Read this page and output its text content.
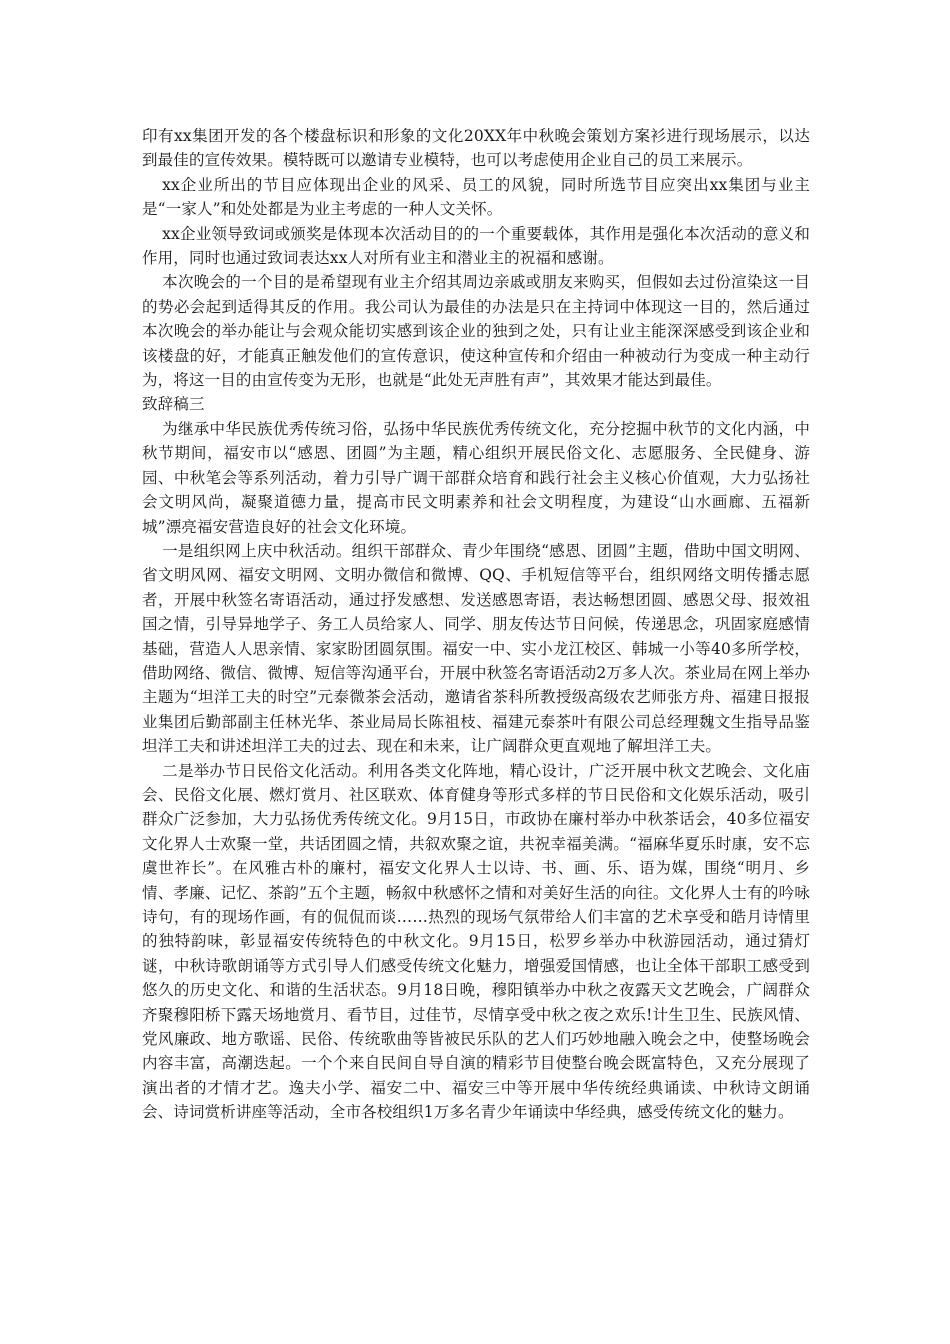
印有xx集团开发的各个楼盘标识和形象的文化20XX年中秋晚会策划方案衫进行现场展示，以达到最佳的宣传效果。模特既可以邀请专业模特，也可以考虑使用企业自己的员工来展示。

xx企业所出的节目应体现出企业的风采、员工的风貌，同时所选节目应突出xx集团与业主是“一家人”和处处都是为业主考虑的一种人文关怀。

xx企业领导致词或颁奖是体现本次活动目的的一个重要载体，其作用是强化本次活动的意义和作用，同时也通过致词表达xx人对所有业主和潜业主的祝福和感谢。

本次晚会的一个目的是希望现有业主介绍其周边亲戚或朋友来购买，但假如去过份渲染这一目的势必会起到适得其反的作用。我公司认为最佳的办法是只在主持词中体现这一目的，然后通过本次晚会的举办能让与会观众能切实感到该企业的独到之处，只有让业主能深深感受到该企业和该楼盘的好，才能真正触发他们的宣传意识，使这种宣传和介绍由一种被动行为变成一种主动行为，将这一目的由宣传变为无形，也就是“此处无声胜有声”，其效果才能达到最佳。

致辞稿三

为继承中华民族优秀传统习俗，弘扬中华民族优秀传统文化，充分挖掘中秋节的文化内涵，中秋节期间，福安市以“感恩、团圆”为主题，精心组织开展民俗文化、志愿服务、全民健身、游园、中秋笔会等系列活动，着力引导广调干部群众培育和践行社会主义核心价值观，大力弘扬社会文明风尚，凝聚道德力量，提高市民文明素养和社会文明程度，为建设“山水画廊、五福新城”漂亮福安营造良好的社会文化环境。

一是组织网上庆中秋活动。组织干部群众、青少年围绕“感恩、团圆”主题，借助中国文明网、省文明风网、福安文明网、文明办微信和微博、QQ、手机短信等平台，组织网络文明传播志愿者，开展中秋签名寄语活动，通过抒发感想、发送感恩寄语，表达畅想团圆、感恩父母、报效祖国之情，引导异地学子、务工人员给家人、同学、朋友传达节日问候，传递思念，巩固家庭感情基础，营造人人思亲情、家家盼团圆氛围。福安一中、实小龙江校区、韩城一小等40多所学校，借助网络、微信、微博、短信等沟通平台，开展中秋签名寄语活动2万多人次。茶业局在网上举办主题为“坦洋工夫的时空”元泰微茶会活动，邀请省茶科所教授级高级农艺师张方舟、福建日报报业集团后勤部副主任林光华、茶业局局长陈祖枝、福建元泰茶叶有限公司总经理魏文生指导品鉴坦洋工夫和讲述坦洋工夫的过去、现在和未来，让广阔群众更直观地了解坦洋工夫。

二是举办节日民俗文化活动。利用各类文化阵地，精心设计，广泛开展中秋文艺晚会、文化庙会、民俗文化展、燃灯赏月、社区联欢、体育健身等形式多样的节日民俗和文化娱乐活动，吸引群众广泛参加，大力弘扬优秀传统文化。9月15日，市政协在廉村举办中秋茶话会，40多位福安文化界人士欢聚一堂，共话团圆之情，共叙欢聚之谊，共祝幸福美满。“福麻华夏乐时康，安不忘虞世祚长”。在风雅古朴的廉村，福安文化界人士以诗、书、画、乐、语为媒，围绕“明月、乡情、孝廉、记忆、茶韵”五个主题，畅叙中秋感怀之情和对美好生活的向往。文化界人士有的吟咏诗句，有的现场作画，有的侃侃而谈……热烈的现场气氛带给人们丰富的艺术享受和皓月诗情里的独特韵味，彰显福安传统特色的中秋文化。9月15日，松罗乡举办中秋游园活动，通过猜灯谜，中秋诗歌朗诵等方式引导人们感受传统文化魅力，增强爱国情感，也让全体干部职工感受到悠久的历史文化、和谐的生活状态。9月18日晚，穆阳镇举办中秋之夜露天文艺晚会，广阔群众齐聚穆阳桥下露天场地赏月、看节目，过佳节，尽情享受中秋之夜之欢乐!计生卫生、民族风情、党风廉政、地方歌谣、民俗、传统歌曲等皆被民乐队的艺人们巧妙地融入晚会之中，使整场晚会内容丰富，高潮迭起。一个个来自民间自导自演的精彩节目使整台晚会既富特色，又充分展现了演出者的才情才艺。逸夫小学、福安二中、福安三中等开展中华传统经典诵读、中秋诗文朗诵会、诗词赏析讲座等活动，全市各校组织1万多名青少年诵读中华经典，感受传统文化的魅力。
